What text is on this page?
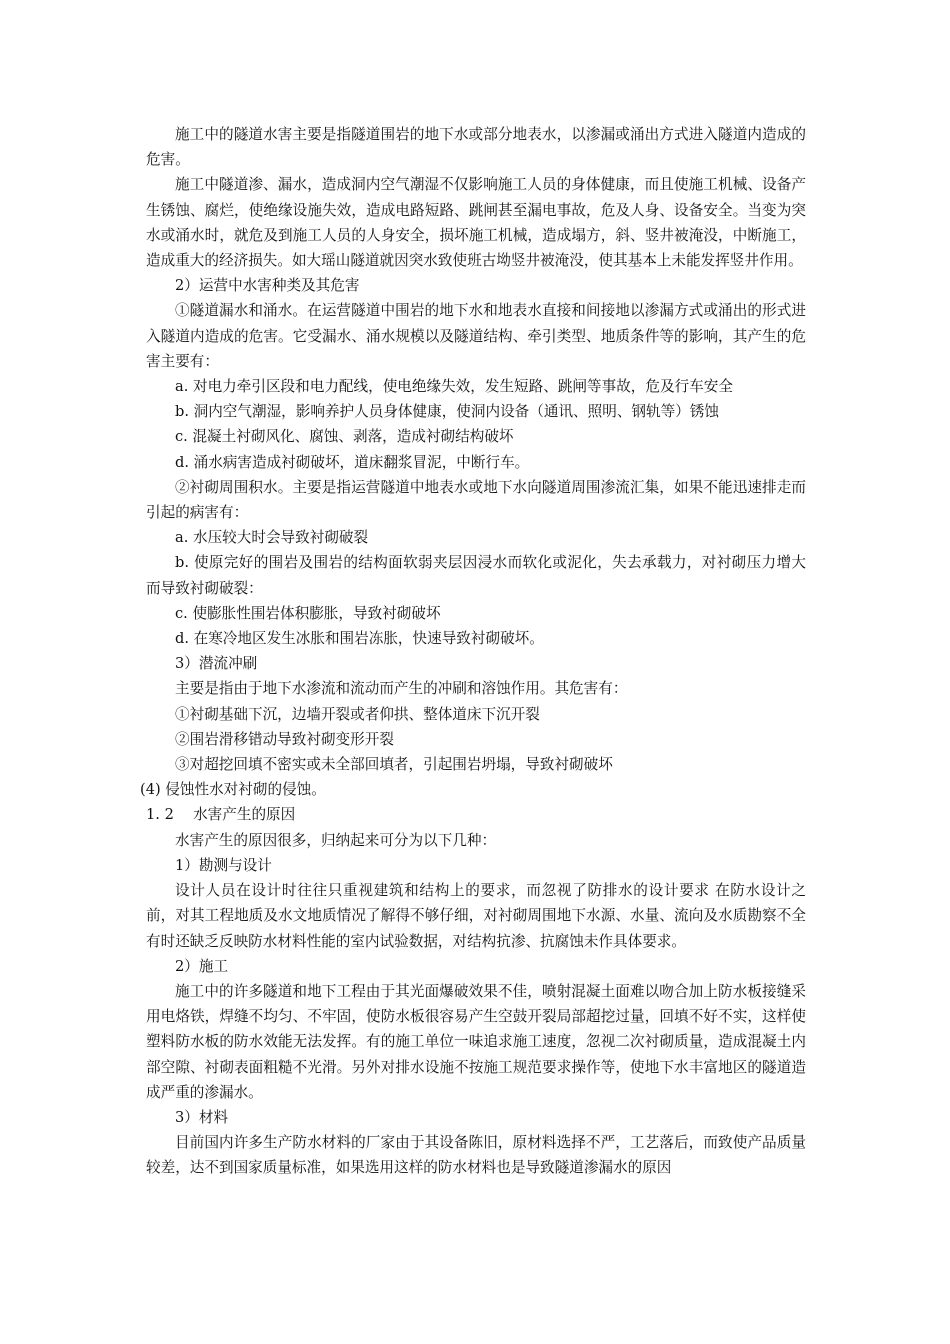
施工中的隧道水害主要是指隧道围岩的地下水或部分地表水，以渗漏或涌出方式进入隧道内造成的危害。

施工中隧道渗、漏水，造成洞内空气潮湿不仅影响施工人员的身体健康，而且使施工机械、设备产生锈蚀、腐烂，使绝缘设施失效，造成电路短路、跳闸甚至漏电事故，危及人身、设备安全。当变为突水或涌水时，就危及到施工人员的人身安全，损坏施工机械，造成塌方，斜、竖井被淹没，中断施工，造成重大的经济损失。如大瑶山隧道就因突水致使班古坳竖井被淹没，使其基本上未能发挥竖井作用。

2）运营中水害种类及其危害

①隧道漏水和涌水。在运营隧道中围岩的地下水和地表水直接和间接地以渗漏方式或涌出的形式进入隧道内造成的危害。它受漏水、涌水规模以及隧道结构、牵引类型、地质条件等的影响，其产生的危害主要有：

a. 对电力牵引区段和电力配线，使电绝缘失效，发生短路、跳闸等事故，危及行车安全

b. 洞内空气潮湿，影响养护人员身体健康，使洞内设备（通讯、照明、钢轨等）锈蚀

c. 混凝土衬砌风化、腐蚀、剥落，造成衬砌结构破坏

d. 涌水病害造成衬砌破坏，道床翻浆冒泥，中断行车。

②衬砌周围积水。主要是指运营隧道中地表水或地下水向隧道周围渗流汇集，如果不能迅速排走而引起的病害有：

a. 水压较大时会导致衬砌破裂

b. 使原完好的围岩及围岩的结构面软弱夹层因浸水而软化或泥化，失去承载力，对衬砌压力增大而导致衬砌破裂：

c. 使膨胀性围岩体积膨胀，导致衬砌破坏

d. 在寒冷地区发生冰胀和围岩冻胀，快速导致衬砌破坏。

3）潜流冲刷

主要是指由于地下水渗流和流动而产生的冲刷和溶蚀作用。其危害有：

①衬砌基础下沉，边墙开裂或者仰拱、整体道床下沉开裂

②围岩滑移错动导致衬砌变形开裂

③对超挖回填不密实或未全部回填者，引起围岩坍塌，导致衬砌破坏

(4) 侵蚀性水对衬砌的侵蚀。

1. 2　 水害产生的原因

水害产生的原因很多，归纳起来可分为以下几种：

1）勘测与设计

设计人员在设计时往往只重视建筑和结构上的要求，而忽视了防排水的设计要求 在防水设计之前，对其工程地质及水文地质情况了解得不够仔细，对衬砌周围地下水源、水量、流向及水质勘察不全有时还缺乏反映防水材料性能的室内试验数据，对结构抗渗、抗腐蚀未作具体要求。

2）施工

施工中的许多隧道和地下工程由于其光面爆破效果不佳，喷射混凝土面难以吻合加上防水板接缝采用电烙铁，焊缝不均匀、不牢固，使防水板很容易产生空鼓开裂局部超挖过量，回填不好不实，这样使塑料防水板的防水效能无法发挥。有的施工单位一味追求施工速度，忽视二次衬砌质量，造成混凝土内部空隙、衬砌表面粗糙不光滑。另外对排水设施不按施工规范要求操作等，使地下水丰富地区的隧道造成严重的渗漏水。

3）材料

目前国内许多生产防水材料的厂家由于其设备陈旧，原材料选择不严，工艺落后，而致使产品质量较差，达不到国家质量标准，如果选用这样的防水材料也是导致隧道渗漏水的原因
